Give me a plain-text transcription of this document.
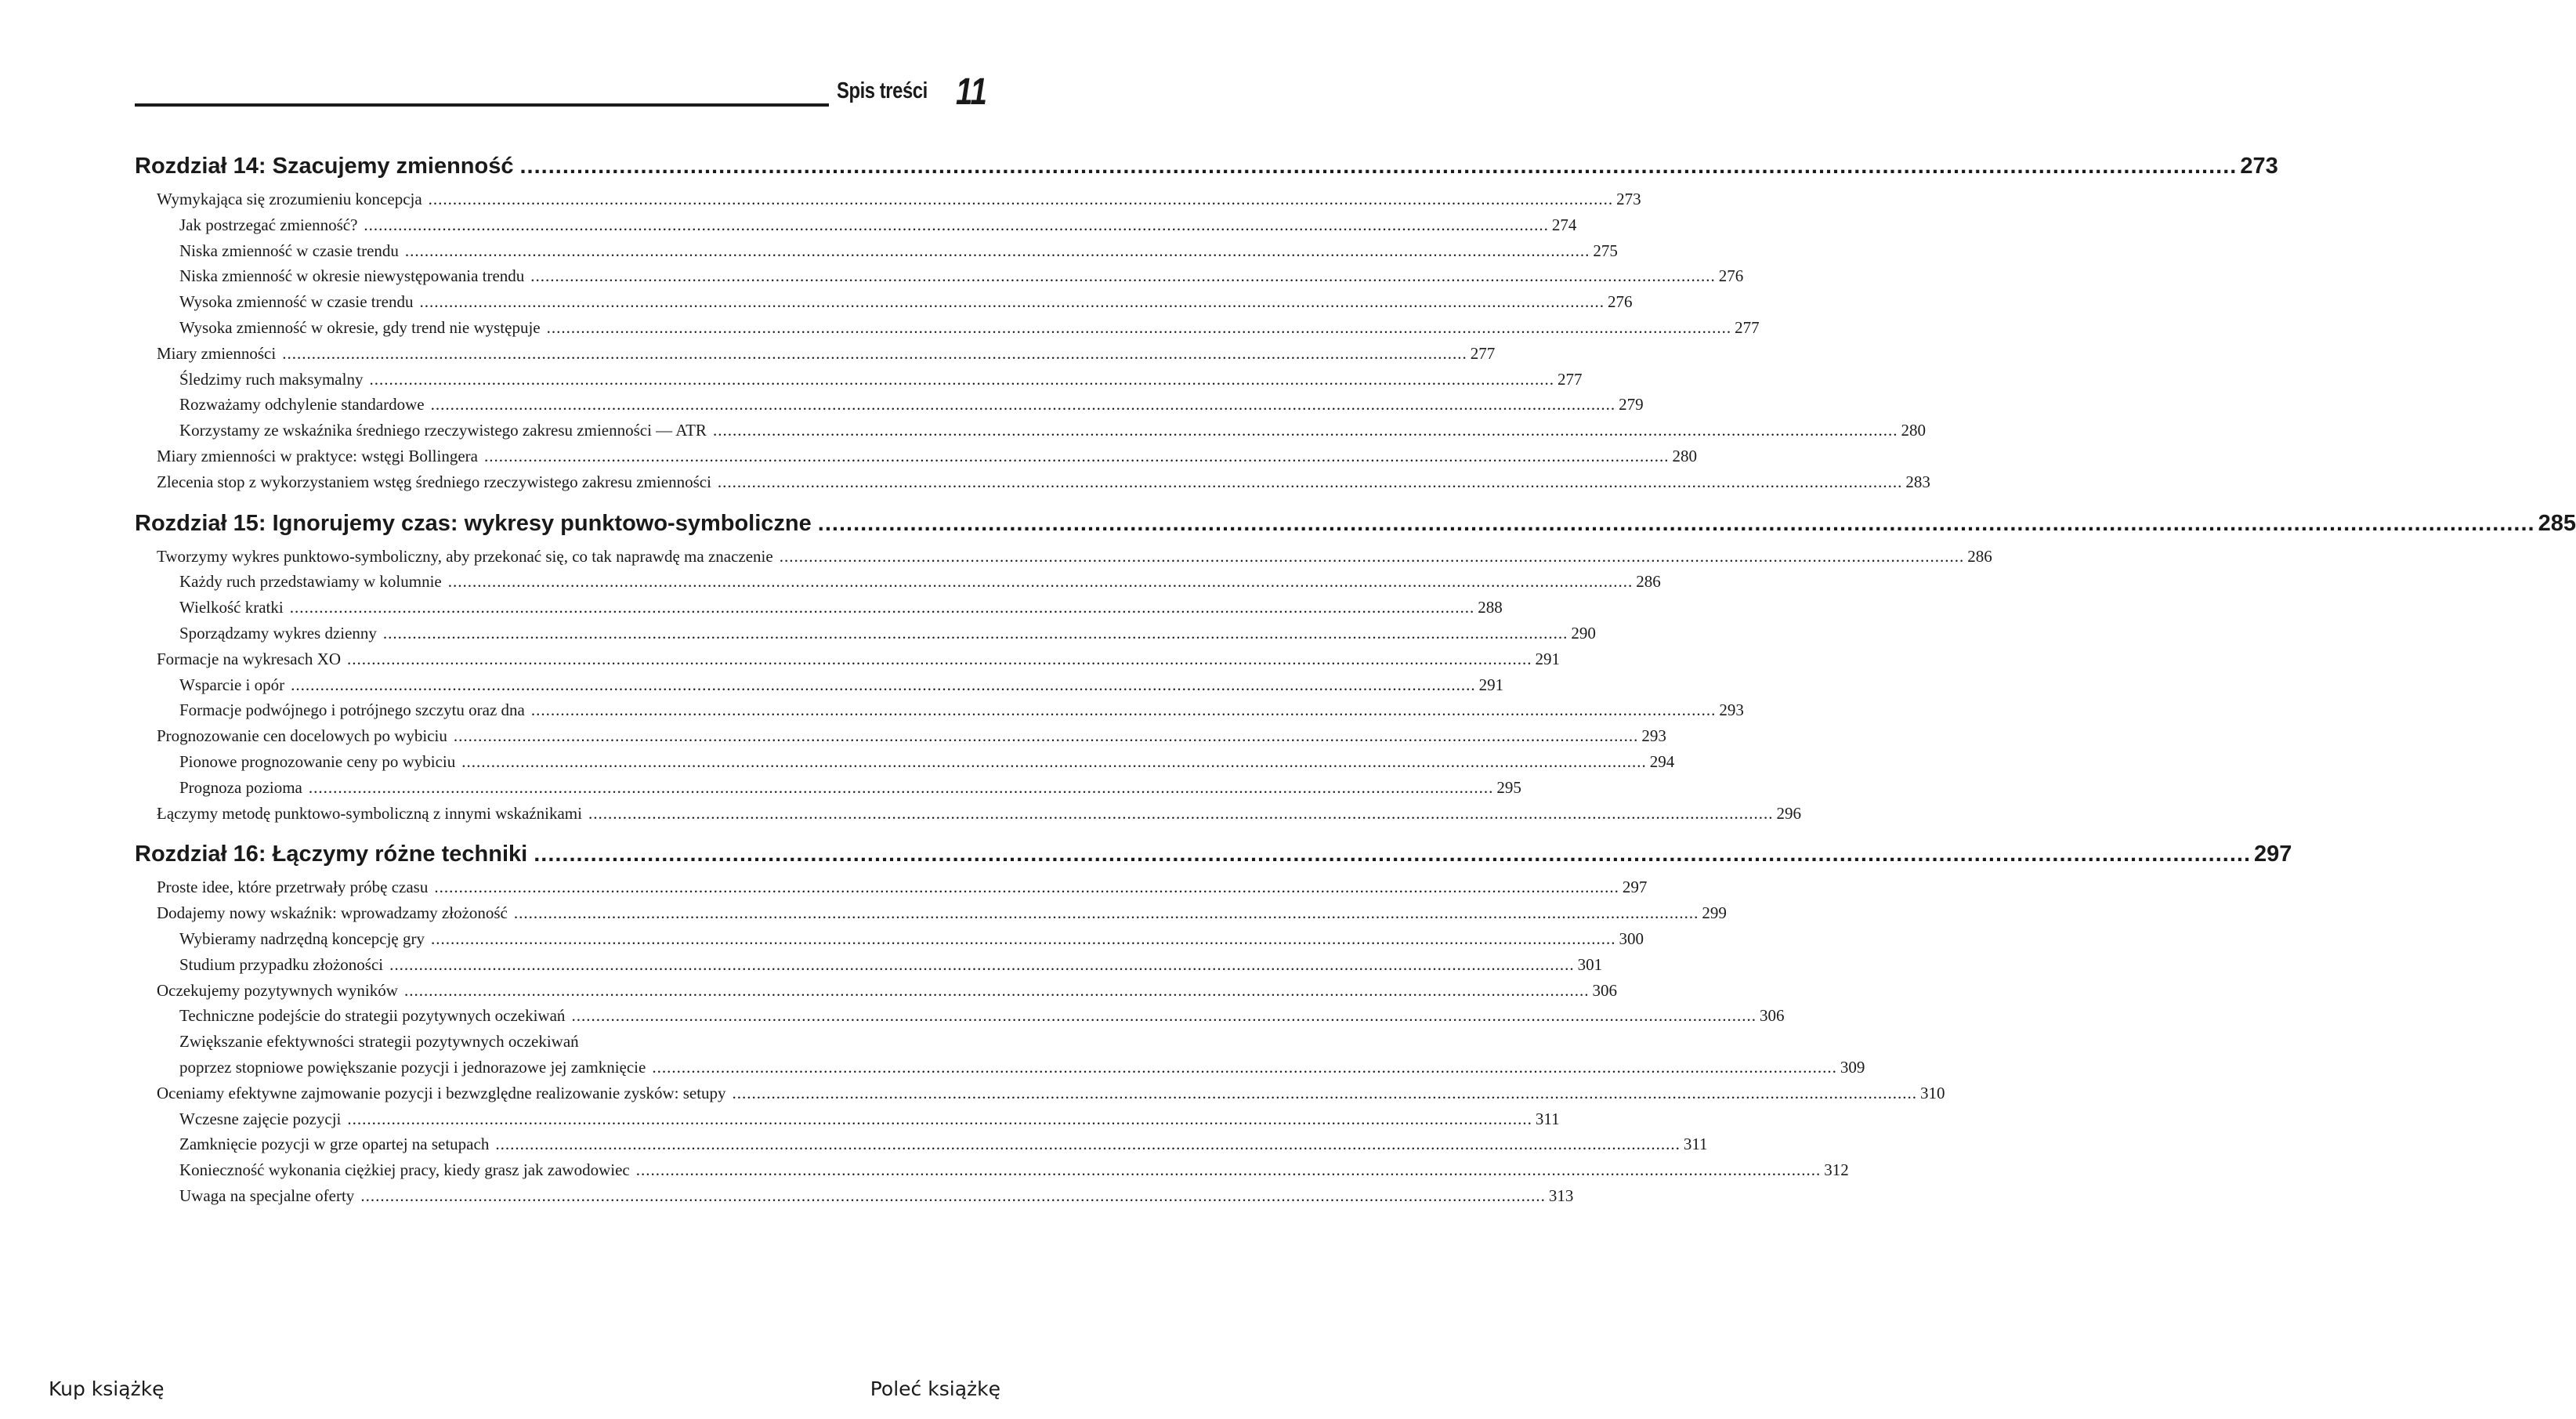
Spis treści 11
Rozdział 14: Szacujemy zmienność .................................................................................................................................................................................................................................................. 273
Wymykająca się zrozumieniu koncepcja .................................................................................................................................................................................................................................................. 273
Jak postrzegać zmienność? .................................................................................................................................................................................................................................................. 274
Niska zmienność w czasie trendu .................................................................................................................................................................................................................................................. 275
Niska zmienność w okresie niewystępowania trendu .................................................................................................................................................................................................................................................. 276
Wysoka zmienność w czasie trendu .................................................................................................................................................................................................................................................. 276
Wysoka zmienność w okresie, gdy trend nie występuje .................................................................................................................................................................................................................................................. 277
Miary zmienności .................................................................................................................................................................................................................................................. 277
Śledzimy ruch maksymalny .................................................................................................................................................................................................................................................. 277
Rozważamy odchylenie standardowe .................................................................................................................................................................................................................................................. 279
Korzystamy ze wskaźnika średniego rzeczywistego zakresu zmienności — ATR .................................................................................................................................................................................................................................................. 280
Miary zmienności w praktyce: wstęgi Bollingera .................................................................................................................................................................................................................................................. 280
Zlecenia stop z wykorzystaniem wstęg średniego rzeczywistego zakresu zmienności .................................................................................................................................................................................................................................................. 283
Rozdział 15: Ignorujemy czas: wykresy punktowo-symboliczne .................................................................................................................................................................................................................................................. 285
Tworzymy wykres punktowo-symboliczny, aby przekonać się, co tak naprawdę ma znaczenie .................................................................................................................................................................................................................................................. 286
Każdy ruch przedstawiamy w kolumnie .................................................................................................................................................................................................................................................. 286
Wielkość kratki .................................................................................................................................................................................................................................................. 288
Sporządzamy wykres dzienny .................................................................................................................................................................................................................................................. 290
Formacje na wykresach XO .................................................................................................................................................................................................................................................. 291
Wsparcie i opór .................................................................................................................................................................................................................................................. 291
Formacje podwójnego i potrójnego szczytu oraz dna .................................................................................................................................................................................................................................................. 293
Prognozowanie cen docelowych po wybiciu .................................................................................................................................................................................................................................................. 293
Pionowe prognozowanie ceny po wybiciu .................................................................................................................................................................................................................................................. 294
Prognoza pozioma .................................................................................................................................................................................................................................................. 295
Łączymy metodę punktowo-symboliczną z innymi wskaźnikami .................................................................................................................................................................................................................................................. 296
Rozdział 16: Łączymy różne techniki .................................................................................................................................................................................................................................................. 297
Proste idee, które przetrwały próbę czasu .................................................................................................................................................................................................................................................. 297
Dodajemy nowy wskaźnik: wprowadzamy złożoność .................................................................................................................................................................................................................................................. 299
Wybieramy nadrzędną koncepcję gry .................................................................................................................................................................................................................................................. 300
Studium przypadku złożoności .................................................................................................................................................................................................................................................. 301
Oczekujemy pozytywnych wyników .................................................................................................................................................................................................................................................. 306
Techniczne podejście do strategii pozytywnych oczekiwań .................................................................................................................................................................................................................................................. 306
Zwiększanie efektywności strategii pozytywnych oczekiwań
poprzez stopniowe powiększanie pozycji i jednorazowe jej zamknięcie .................................................................................................................................................................................................................................................. 309
Oceniamy efektywne zajmowanie pozycji i bezwzględne realizowanie zysków: setupy .................................................................................................................................................................................................................................................. 310
Wczesne zajęcie pozycji .................................................................................................................................................................................................................................................. 311
Zamknięcie pozycji w grze opartej na setupach .................................................................................................................................................................................................................................................. 311
Konieczność wykonania ciężkiej pracy, kiedy grasz jak zawodowiec .................................................................................................................................................................................................................................................. 312
Uwaga na specjalne oferty .................................................................................................................................................................................................................................................. 313
Kup książkę	Poleć książkę
